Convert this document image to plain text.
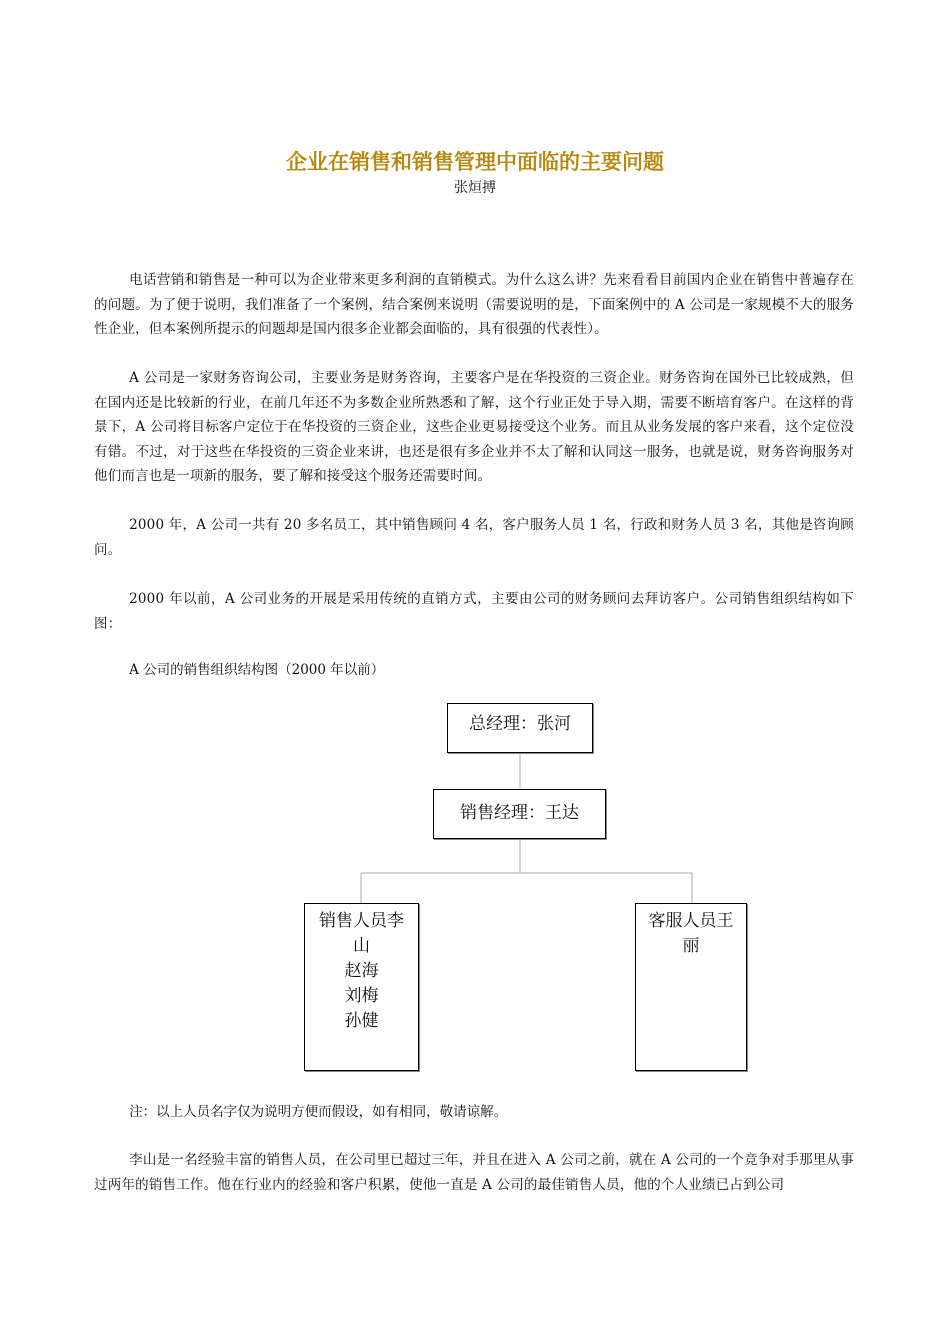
企业在销售和销售管理中面临的主要问题
张烜搏

电话营销和销售是一种可以为企业带来更多利润的直销模式。为什么这么讲？先来看看目前国内企业在销售中普遍存在的问题。为了便于说明，我们准备了一个案例，结合案例来说明（需要说明的是，下面案例中的 A 公司是一家规模不大的服务性企业，但本案例所提示的问题却是国内很多企业都会面临的，具有很强的代表性）。

A 公司是一家财务咨询公司，主要业务是财务咨询，主要客户是在华投资的三资企业。财务咨询在国外已比较成熟，但在国内还是比较新的行业，在前几年还不为多数企业所熟悉和了解，这个行业正处于导入期，需要不断培育客户。在这样的背景下，A 公司将目标客户定位于在华投资的三资企业，这些企业更易接受这个业务。而且从业务发展的客户来看，这个定位没有错。不过，对于这些在华投资的三资企业来讲，也还是很有多企业并不太了解和认同这一服务，也就是说，财务咨询服务对他们而言也是一项新的服务，要了解和接受这个服务还需要时间。

2000 年，A 公司一共有 20 多名员工，其中销售顾问 4 名，客户服务人员 1 名，行政和财务人员 3 名，其他是咨询顾问。

2000 年以前，A 公司业务的开展是采用传统的直销方式，主要由公司的财务顾问去拜访客户。公司销售组织结构如下图：

A 公司的销售组织结构图（2000 年以前）

总经理：张河
销售经理：王达
销售人员李
山
赵海
刘梅
孙健
客服人员王
丽

注：以上人员名字仅为说明方便而假设，如有相同，敬请谅解。

李山是一名经验丰富的销售人员，在公司里已超过三年，并且在进入 A 公司之前，就在 A 公司的一个竞争对手那里从事过两年的销售工作。他在行业内的经验和客户积累，使他一直是 A 公司的最佳销售人员，他的个人业绩已占到公司
